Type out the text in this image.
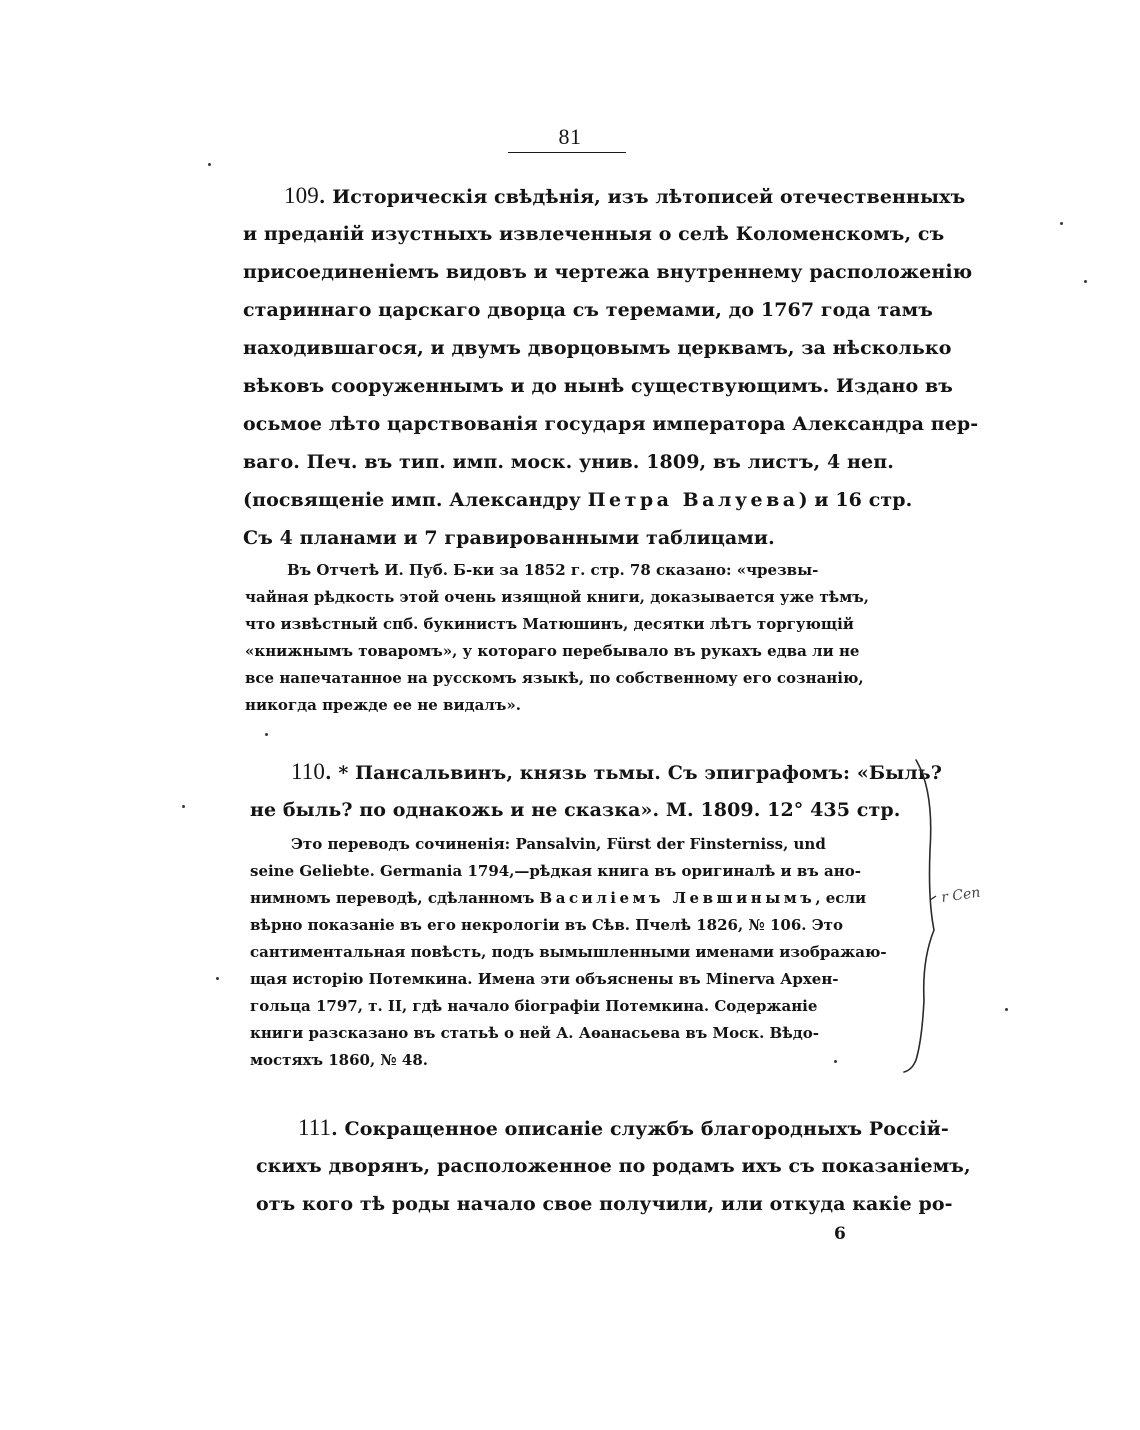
81

109. Историческія свѣдѣнія, изъ лѣтописей отечественныхъ

и преданій изустныхъ извлеченныя о селѣ Коломенскомъ, съ

присоединеніемъ видовъ и чертежа внутреннему расположенію

стариннаго царскаго дворца съ теремами, до 1767 года тамъ

находившагося, и двумъ дворцовымъ церквамъ, за нѣсколько

вѣковъ сооруженнымъ и до нынѣ существующимъ. Издано въ

осьмое лѣто царствованія государя императора Александра пер-

ваго. Печ. въ тип. имп. моск. унив. 1809, въ листъ, 4 неп.

(посвященіе имп. Александру Петра Валуева) и 16 стр.

Съ 4 планами и 7 гравированными таблицами.

Въ Отчетѣ И. Пуб. Б-ки за 1852 г. стр. 78 сказано: «чрезвы-

чайная рѣдкость этой очень изящной книги, доказывается уже тѣмъ,

что извѣстный спб. букинистъ Матюшинъ, десятки лѣтъ торгующій

«книжнымъ товаромъ», у котораго перебывало въ рукахъ едва ли не

все напечатанное на русскомъ языкѣ, по собственному его сознанію,

никогда прежде ее не видалъ».

110. * Пансальвинъ, князь тьмы. Съ эпиграфомъ: «Быль?

не быль? по однакожь и не сказка». М. 1809. 12° 435 стр.

Это переводъ сочиненія: Pansalvin, Fürst der Finsterniss, und

seine Geliebte. Germania 1794,—рѣдкая книга въ оригиналѣ и въ ано-

нимномъ переводѣ, сдѣланномъ Василіемъ Левшинымъ, если

вѣрно показаніе въ его некрологіи въ Сѣв. Пчелѣ 1826, № 106. Это

сантиментальная повѣсть, подъ вымышленными именами изображаю-

щая исторію Потемкина. Имена эти объяснены въ Minerva Архен-

гольца 1797, т. II, гдѣ начало біографіи Потемкина. Содержаніе

книги разсказано въ статьѣ о ней А. Аѳанасьева въ Моск. Вѣдо-

мостяхъ 1860, № 48.

111. Сокращенное описаніе службъ благородныхъ Россій-

скихъ дворянъ, расположенное по родамъ ихъ съ показаніемъ,

отъ кого тѣ роды начало свое получили, или откуда какіе ро-

6
r Сen
